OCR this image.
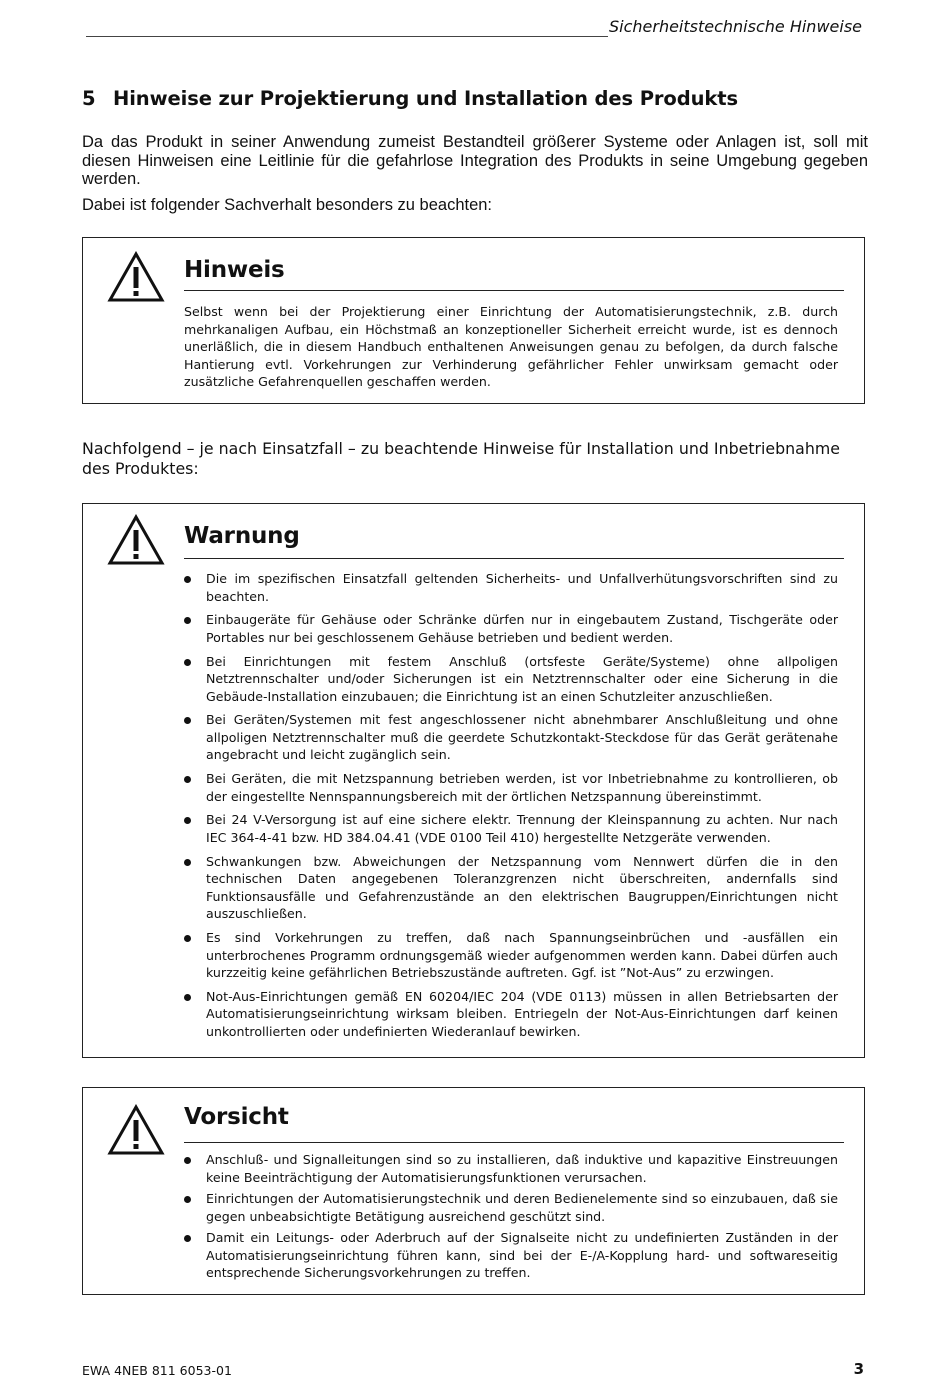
Sicherheitstechnische Hinweise
5 Hinweise zur Projektierung und Installation des Produkts

Da das Produkt in seiner Anwendung zumeist Bestandteil größerer Systeme oder Anlagen ist, soll mit diesen Hinweisen eine Leitlinie für die gefahrlose Integration des Produkts in seine Umgebung gegeben werden.

Dabei ist folgender Sachverhalt besonders zu beachten:

Hinweis

Selbst wenn bei der Projektierung einer Einrichtung der Automatisierungstechnik, z.B. durch mehrkanaligen Aufbau, ein Höchstmaß an konzeptioneller Sicherheit erreicht wurde, ist es dennoch unerläßlich, die in diesem Handbuch enthaltenen Anweisungen genau zu befolgen, da durch falsche Hantierung evtl. Vorkehrungen zur Verhinderung gefährlicher Fehler unwirksam gemacht oder zusätzliche Gefahrenquellen geschaffen werden.

Nachfolgend – je nach Einsatzfall – zu beachtende Hinweise für Installation und Inbetriebnahme des Produktes:

Warnung
Die im spezifischen Einsatzfall geltenden Sicherheits- und Unfallverhütungsvorschriften sind zu beachten.
Einbaugeräte für Gehäuse oder Schränke dürfen nur in eingebautem Zustand, Tischgeräte oder Portables nur bei geschlossenem Gehäuse betrieben und bedient werden.
Bei Einrichtungen mit festem Anschluß (ortsfeste Geräte/Systeme) ohne allpoligen Netztrennschalter und/oder Sicherungen ist ein Netztrennschalter oder eine Sicherung in die Gebäude-Installation einzubauen; die Einrichtung ist an einen Schutzleiter anzuschließen.
Bei Geräten/Systemen mit fest angeschlossener nicht abnehmbarer Anschlußleitung und ohne allpoligen Netztrennschalter muß die geerdete Schutzkontakt-Steckdose für das Gerät gerätenahe angebracht und leicht zugänglich sein.
Bei Geräten, die mit Netzspannung betrieben werden, ist vor Inbetriebnahme zu kontrollieren, ob der eingestellte Nennspannungsbereich mit der örtlichen Netzspannung übereinstimmt.
Bei 24 V-Versorgung ist auf eine sichere elektr. Trennung der Kleinspannung zu achten. Nur nach IEC 364-4-41 bzw. HD 384.04.41 (VDE 0100 Teil 410) hergestellte Netzgeräte verwenden.
Schwankungen bzw. Abweichungen der Netzspannung vom Nennwert dürfen die in den technischen Daten angegebenen Toleranzgrenzen nicht überschreiten, andernfalls sind Funktionsausfälle und Gefahrenzustände an den elektrischen Baugruppen/Einrichtungen nicht auszuschließen.
Es sind Vorkehrungen zu treffen, daß nach Spannungseinbrüchen und -ausfällen ein unterbrochenes Programm ordnungsgemäß wieder aufgenommen werden kann. Dabei dürfen auch kurzzeitig keine gefährlichen Betriebszustände auftreten. Ggf. ist ”Not-Aus” zu erzwingen.
Not-Aus-Einrichtungen gemäß EN 60204/IEC 204 (VDE 0113) müssen in allen Betriebsarten der Automatisierungseinrichtung wirksam bleiben. Entriegeln der Not-Aus-Einrichtungen darf keinen unkontrollierten oder undefinierten Wiederanlauf bewirken.
Vorsicht
Anschluß- und Signalleitungen sind so zu installieren, daß induktive und kapazitive Einstreuungen keine Beeinträchtigung der Automatisierungsfunktionen verursachen.
Einrichtungen der Automatisierungstechnik und deren Bedienelemente sind so einzubauen, daß sie gegen unbeabsichtigte Betätigung ausreichend geschützt sind.
Damit ein Leitungs- oder Aderbruch auf der Signalseite nicht zu undefinierten Zuständen in der Automatisierungseinrichtung führen kann, sind bei der E-/A-Kopplung hard- und softwareseitig entsprechende Sicherungsvorkehrungen zu treffen.
EWA 4NEB 811 6053-01	3
